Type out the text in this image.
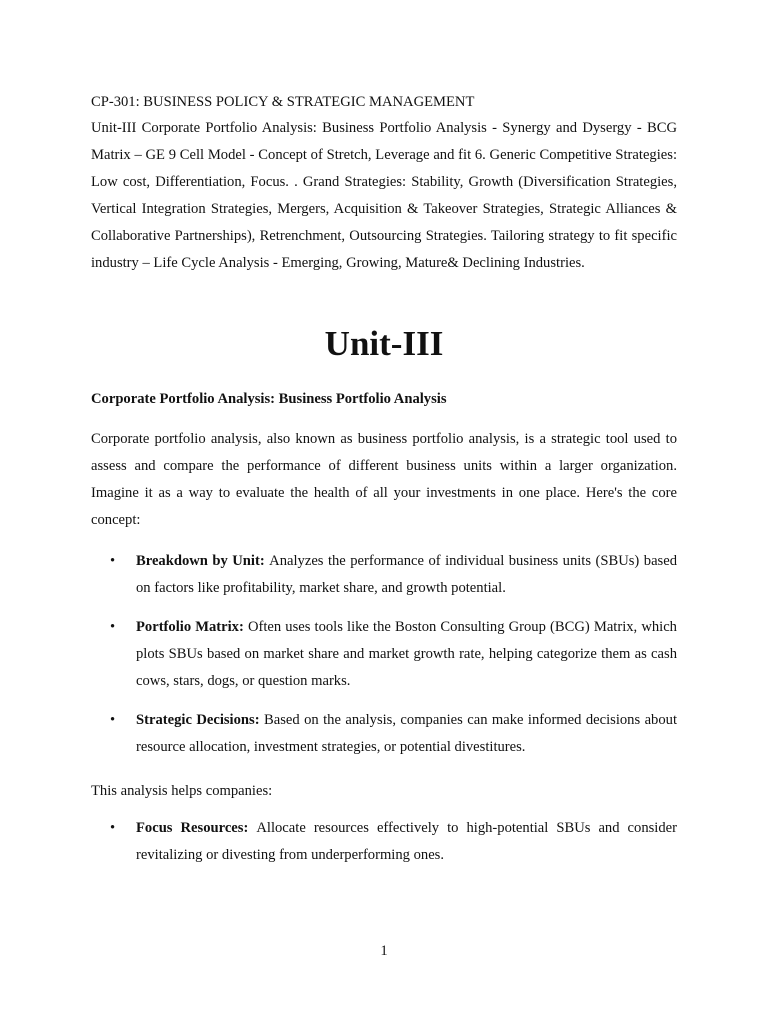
CP-301: BUSINESS POLICY & STRATEGIC MANAGEMENT

Unit-III Corporate Portfolio Analysis: Business Portfolio Analysis - Synergy and Dysergy - BCG Matrix – GE 9 Cell Model - Concept of Stretch, Leverage and fit 6. Generic Competitive Strategies: Low cost, Differentiation, Focus. . Grand Strategies: Stability, Growth (Diversification Strategies, Vertical Integration Strategies, Mergers, Acquisition & Takeover Strategies, Strategic Alliances & Collaborative Partnerships), Retrenchment, Outsourcing Strategies. Tailoring strategy to fit specific industry – Life Cycle Analysis - Emerging, Growing, Mature& Declining Industries.

Unit-III

Corporate Portfolio Analysis: Business Portfolio Analysis

Corporate portfolio analysis, also known as business portfolio analysis, is a strategic tool used to assess and compare the performance of different business units within a larger organization. Imagine it as a way to evaluate the health of all your investments in one place. Here's the core concept:

• Breakdown by Unit: Analyzes the performance of individual business units (SBUs) based on factors like profitability, market share, and growth potential.
• Portfolio Matrix: Often uses tools like the Boston Consulting Group (BCG) Matrix, which plots SBUs based on market share and market growth rate, helping categorize them as cash cows, stars, dogs, or question marks.
• Strategic Decisions: Based on the analysis, companies can make informed decisions about resource allocation, investment strategies, or potential divestitures.

This analysis helps companies:

• Focus Resources: Allocate resources effectively to high-potential SBUs and consider revitalizing or divesting from underperforming ones.
1
